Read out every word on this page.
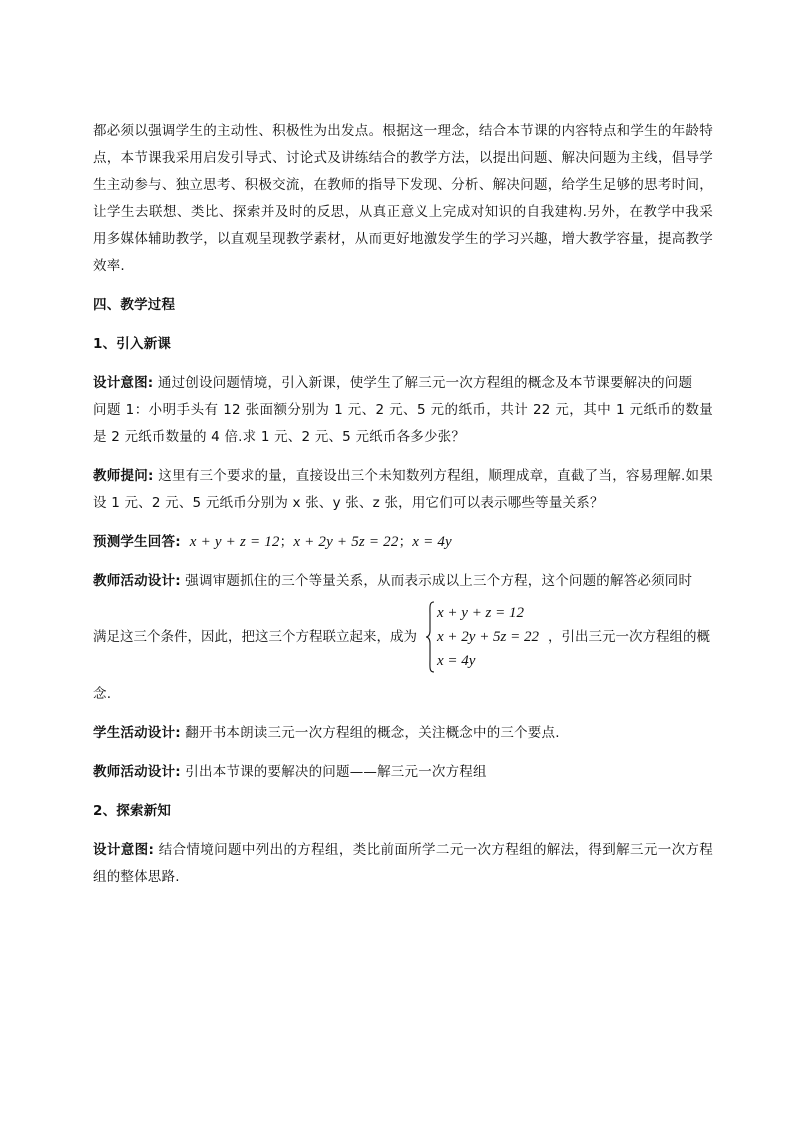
都必须以强调学生的主动性、积极性为出发点。根据这一理念，结合本节课的内容特点和学生的年龄特点，本节课我采用启发引导式、讨论式及讲练结合的教学方法，以提出问题、解决问题为主线，倡导学生主动参与、独立思考、积极交流，在教师的指导下发现、分析、解决问题，给学生足够的思考时间，让学生去联想、类比、探索并及时的反思，从真正意义上完成对知识的自我建构.另外，在教学中我采用多媒体辅助教学，以直观呈现教学素材，从而更好地激发学生的学习兴趣，增大教学容量，提高教学效率.

四、教学过程

1、引入新课

设计意图: 通过创设问题情境，引入新课，使学生了解三元一次方程组的概念及本节课要解决的问题

问题 1：小明手头有 12 张面额分别为 1 元、2 元、5 元的纸币，共计 22 元，其中 1 元纸币的数量是 2 元纸币数量的 4 倍.求 1 元、2 元、5 元纸币各多少张？

教师提问: 这里有三个要求的量，直接设出三个未知数列方程组，顺理成章，直截了当，容易理解.如果设 1 元、2 元、5 元纸币分别为 x 张、y 张、z 张，用它们可以表示哪些等量关系？

预测学生回答: x + y + z = 12；x + 2y + 5z = 22；x = 4y

教师活动设计: 强调审题抓住的三个等量关系，从而表示成以上三个方程，这个问题的解答必须同时

满足这三个条件，因此，把这三个方程联立起来，成为
x + y + z = 12
x + 2y + 5z = 22
x = 4y
，引出三元一次方程组的概

念.

学生活动设计: 翻开书本朗读三元一次方程组的概念，关注概念中的三个要点.

教师活动设计: 引出本节课的要解决的问题——解三元一次方程组

2、探索新知

设计意图: 结合情境问题中列出的方程组，类比前面所学二元一次方程组的解法，得到解三元一次方程组的整体思路.
